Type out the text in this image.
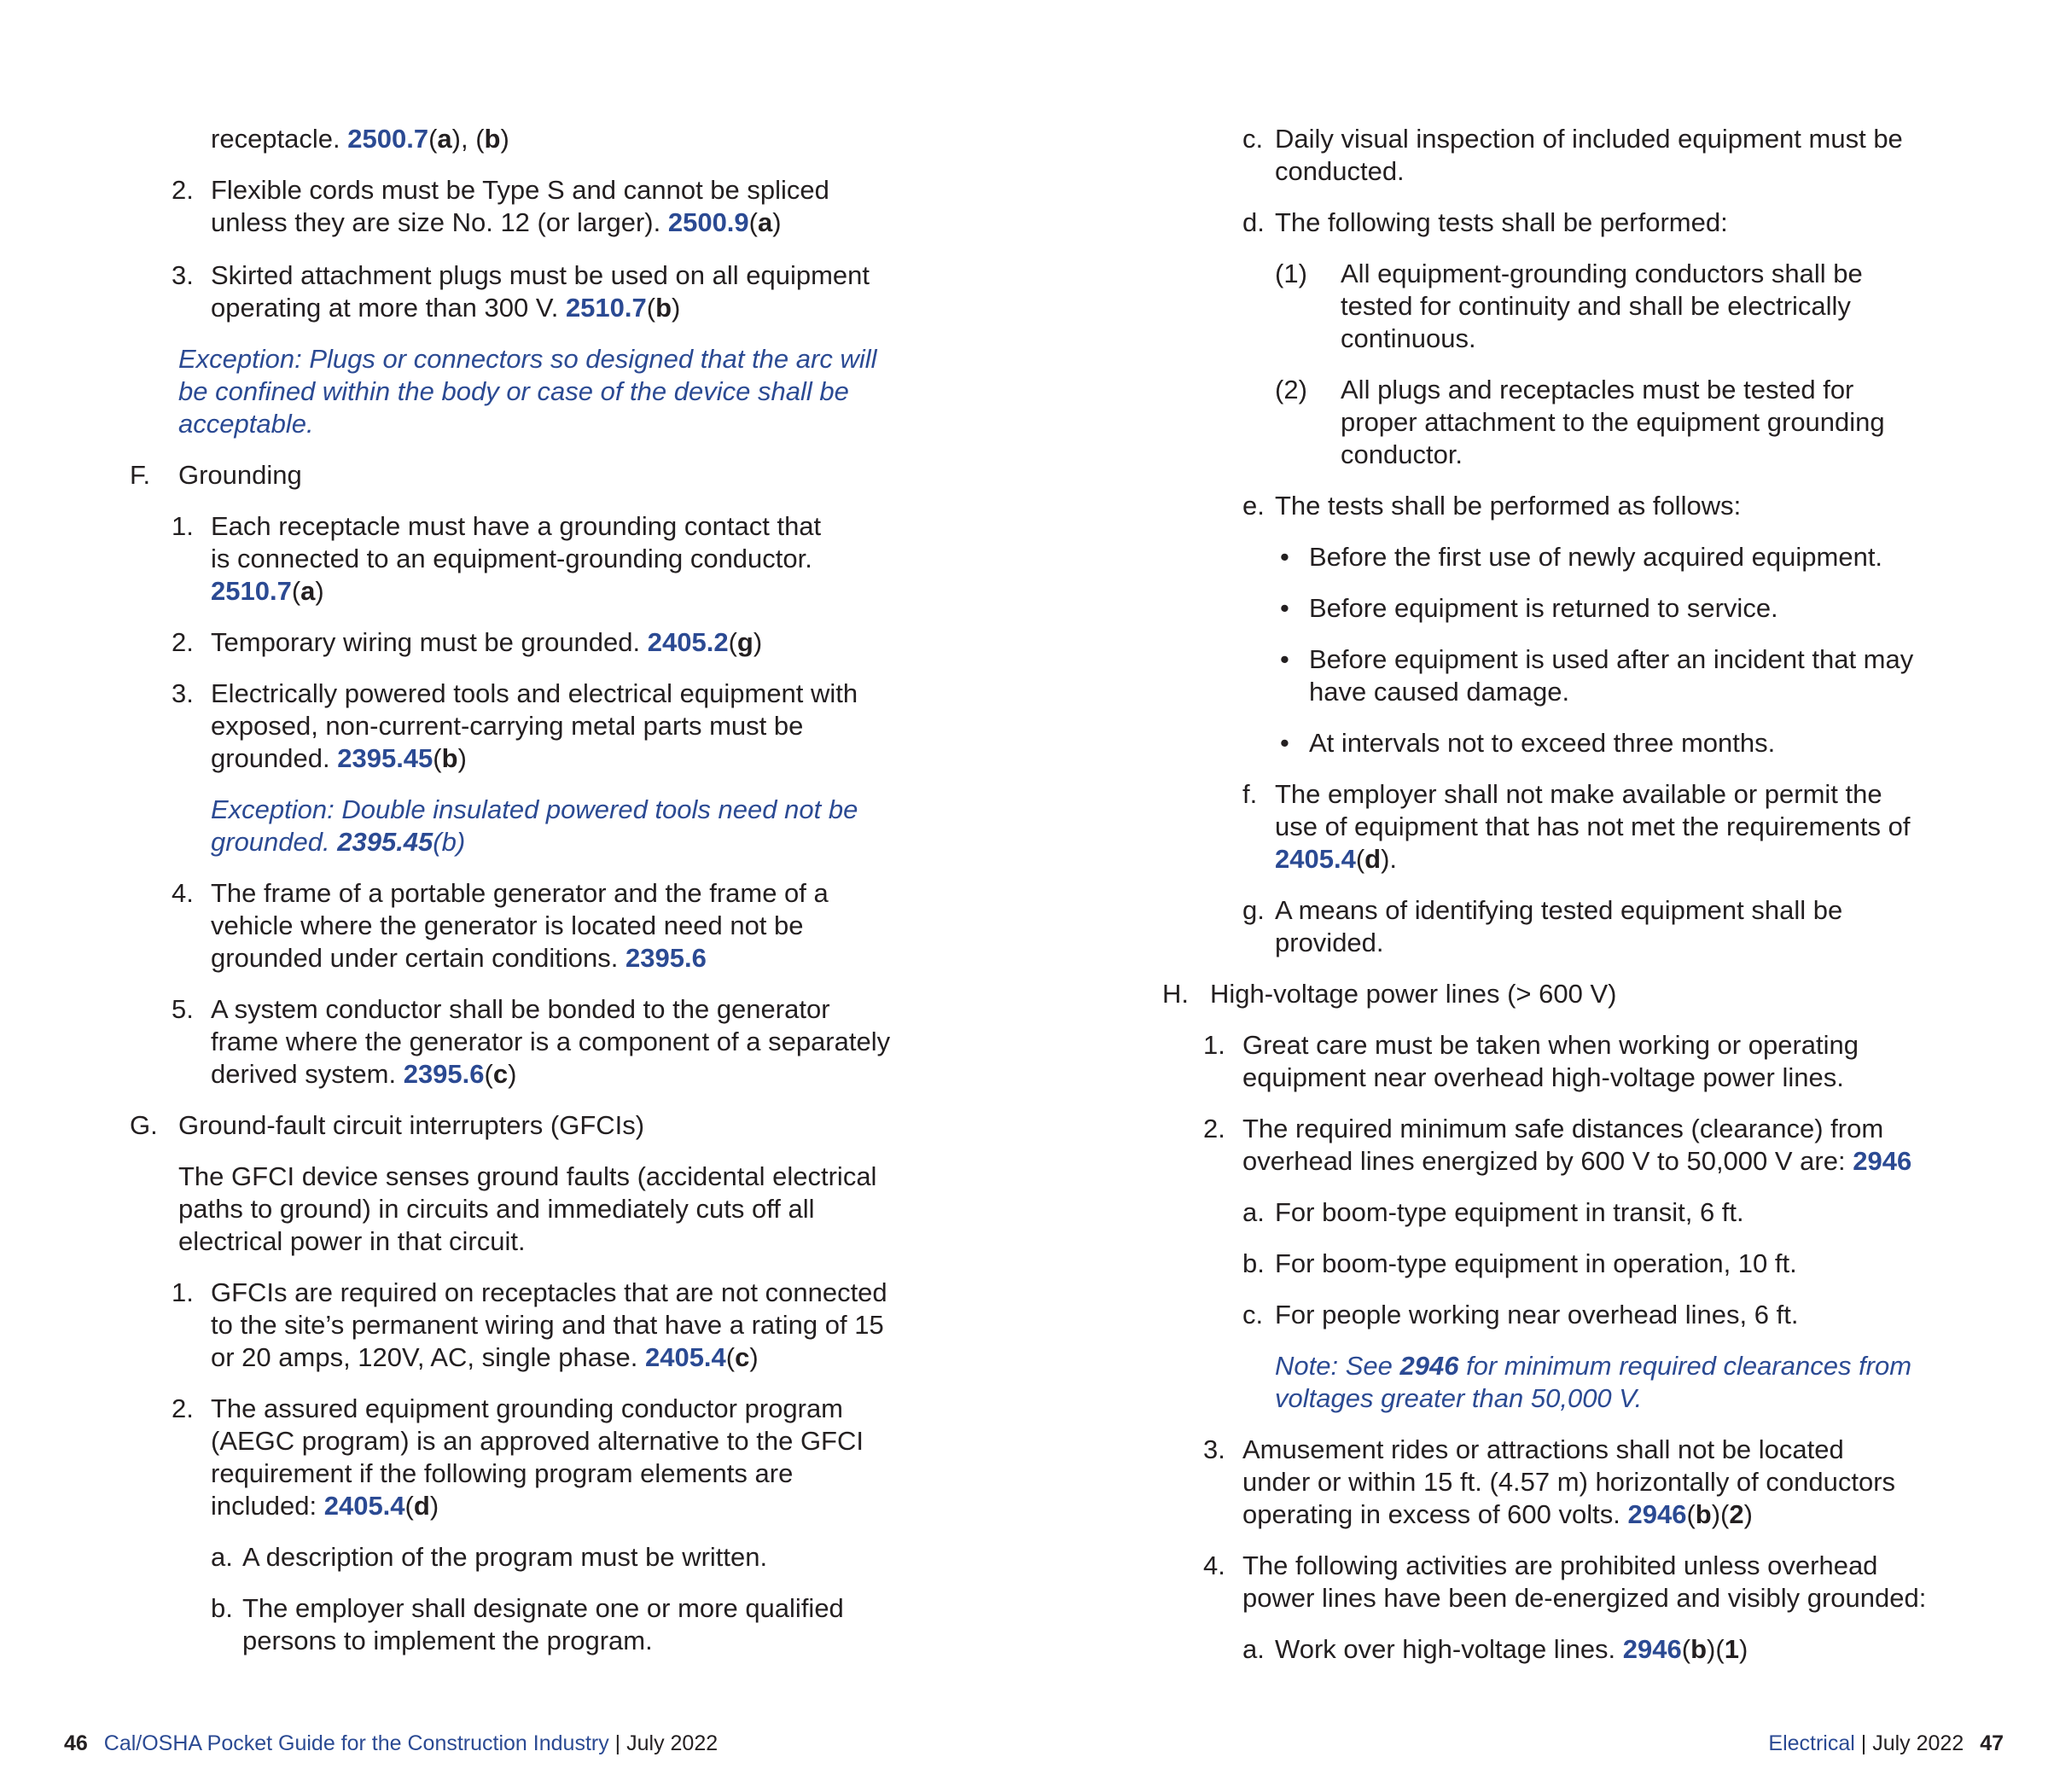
receptacle. 2500.7(a), (b)
2. Flexible cords must be Type S and cannot be spliced
unless they are size No. 12 (or larger). 2500.9(a)
3. Skirted attachment plugs must be used on all equipment
operating at more than 300 V. 2510.7(b)
Exception: Plugs or connectors so designed that the arc will
be confined within the body or case of the device shall be
acceptable.
F. Grounding
1. Each receptacle must have a grounding contact that
is connected to an equipment-grounding conductor.
2510.7(a)
2. Temporary wiring must be grounded. 2405.2(g)
3. Electrically powered tools and electrical equipment with
exposed, non-current-carrying metal parts must be
grounded. 2395.45(b)
Exception: Double insulated powered tools need not be
grounded. 2395.45(b)
4. The frame of a portable generator and the frame of a
vehicle where the generator is located need not be
grounded under certain conditions. 2395.6
5. A system conductor shall be bonded to the generator
frame where the generator is a component of a separately
derived system. 2395.6(c)
G. Ground-fault circuit interrupters (GFCIs)
The GFCI device senses ground faults (accidental electrical
paths to ground) in circuits and immediately cuts off all
electrical power in that circuit.
1. GFCIs are required on receptacles that are not connected
to the site’s permanent wiring and that have a rating of 15
or 20 amps, 120V, AC, single phase. 2405.4(c)
2. The assured equipment grounding conductor program
(AEGC program) is an approved alternative to the GFCI
requirement if the following program elements are
included: 2405.4(d)
a. A description of the program must be written.
b. The employer shall designate one or more qualified
persons to implement the program.
c. Daily visual inspection of included equipment must be
conducted.
d. The following tests shall be performed:
(1) All equipment-grounding conductors shall be
tested for continuity and shall be electrically
continuous.
(2) All plugs and receptacles must be tested for
proper attachment to the equipment grounding
conductor.
e. The tests shall be performed as follows:
• Before the first use of newly acquired equipment.
• Before equipment is returned to service.
• Before equipment is used after an incident that may
have caused damage.
• At intervals not to exceed three months.
f. The employer shall not make available or permit the
use of equipment that has not met the requirements of
2405.4(d).
g. A means of identifying tested equipment shall be
provided.
H. High-voltage power lines (> 600 V)
1. Great care must be taken when working or operating
equipment near overhead high-voltage power lines.
2. The required minimum safe distances (clearance) from
overhead lines energized by 600 V to 50,000 V are: 2946
a. For boom-type equipment in transit, 6 ft.
b. For boom-type equipment in operation, 10 ft.
c. For people working near overhead lines, 6 ft.
Note: See 2946 for minimum required clearances from
voltages greater than 50,000 V.
3. Amusement rides or attractions shall not be located
under or within 15 ft. (4.57 m) horizontally of conductors
operating in excess of 600 volts. 2946(b)(2)
4. The following activities are prohibited unless overhead
power lines have been de-energized and visibly grounded:
a. Work over high-voltage lines. 2946(b)(1)
46 Cal/OSHA Pocket Guide for the Construction Industry | July 2022	Electrical | July 2022 47
